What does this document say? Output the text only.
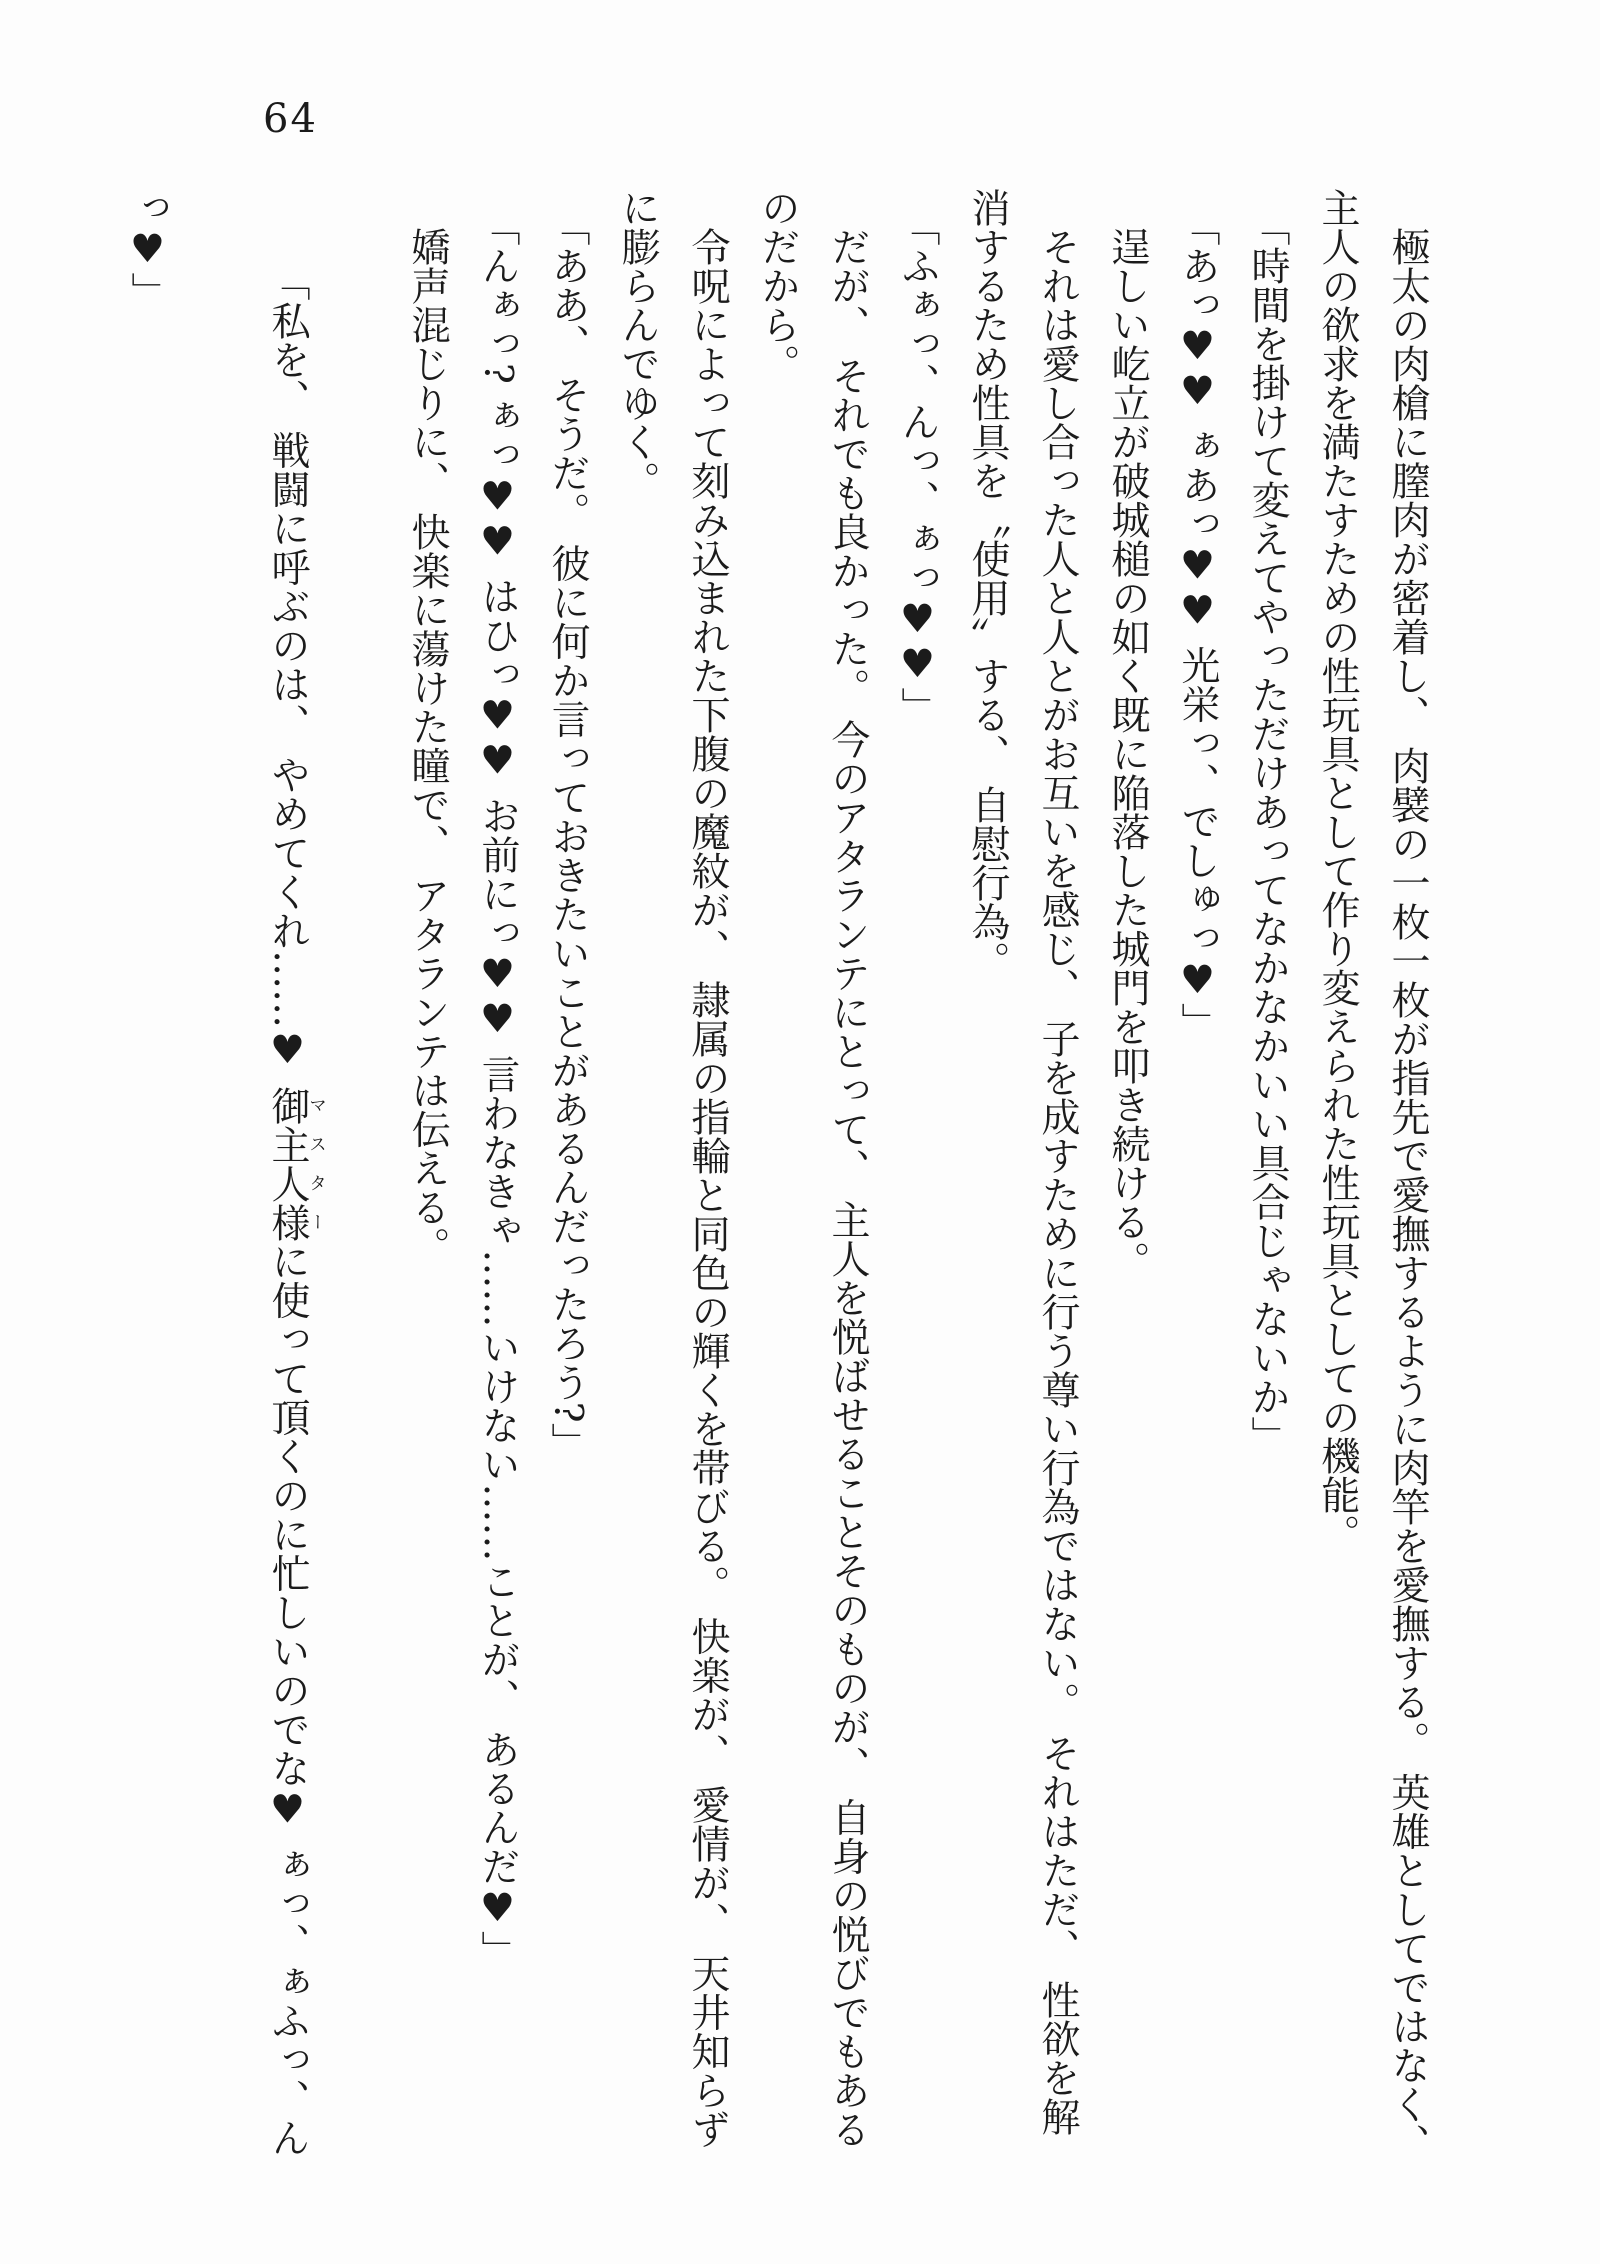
64

極太の肉槍に膣肉が密着し、 肉襞の一枚一枚が指先で愛撫するように肉竿を愛撫する。 英雄としてではなく、

主人の欲求を満たすための性玩具として作り変えられた性玩具としての機能。

「時間を掛けて変えてやっただけあってなかなかいい具合じゃないか」

「あっ♥♥ ぁあっ♥♥ 光栄っ、でしゅっ♥」

逞しい屹立が破城槌の如く既に陥落した城門を叩き続ける。

それは愛し合った人と人とがお互いを感じ、 子を成すために行う尊い行為ではない。 それはただ、 性欲を解

消するため性具を〝使用〟する、 自慰行為。

「ふぁっ、んっ、ぁっ♥♥」

だが、 それでも良かった。 今のアタランテにとって、 主人を悦ばせることそのものが、 自身の悦びでもある

のだから。

令呪によって刻み込まれた下腹の魔紋が、 隷属の指輪と同色の輝くを帯びる。 快楽が、 愛情が、 天井知らず

に膨らんでゆく。

「ああ、 そうだ。 彼に何か言っておきたいことがあるんだったろう?」

「んぁっ? ぁっ♥♥ はひっ♥♥ お前にっ♥♥ 言わなきゃ……いけない……ことが、 あるんだ♥」

嬌声混じりに、 快楽に蕩けた瞳で、 アタランテは伝える。

「私を、 戦闘に呼ぶのは、 やめてくれ……♥ 御主人様マスターに使って頂くのに忙しいのでな♥ ぁっ、ぁふっ、ん

っ♥」
